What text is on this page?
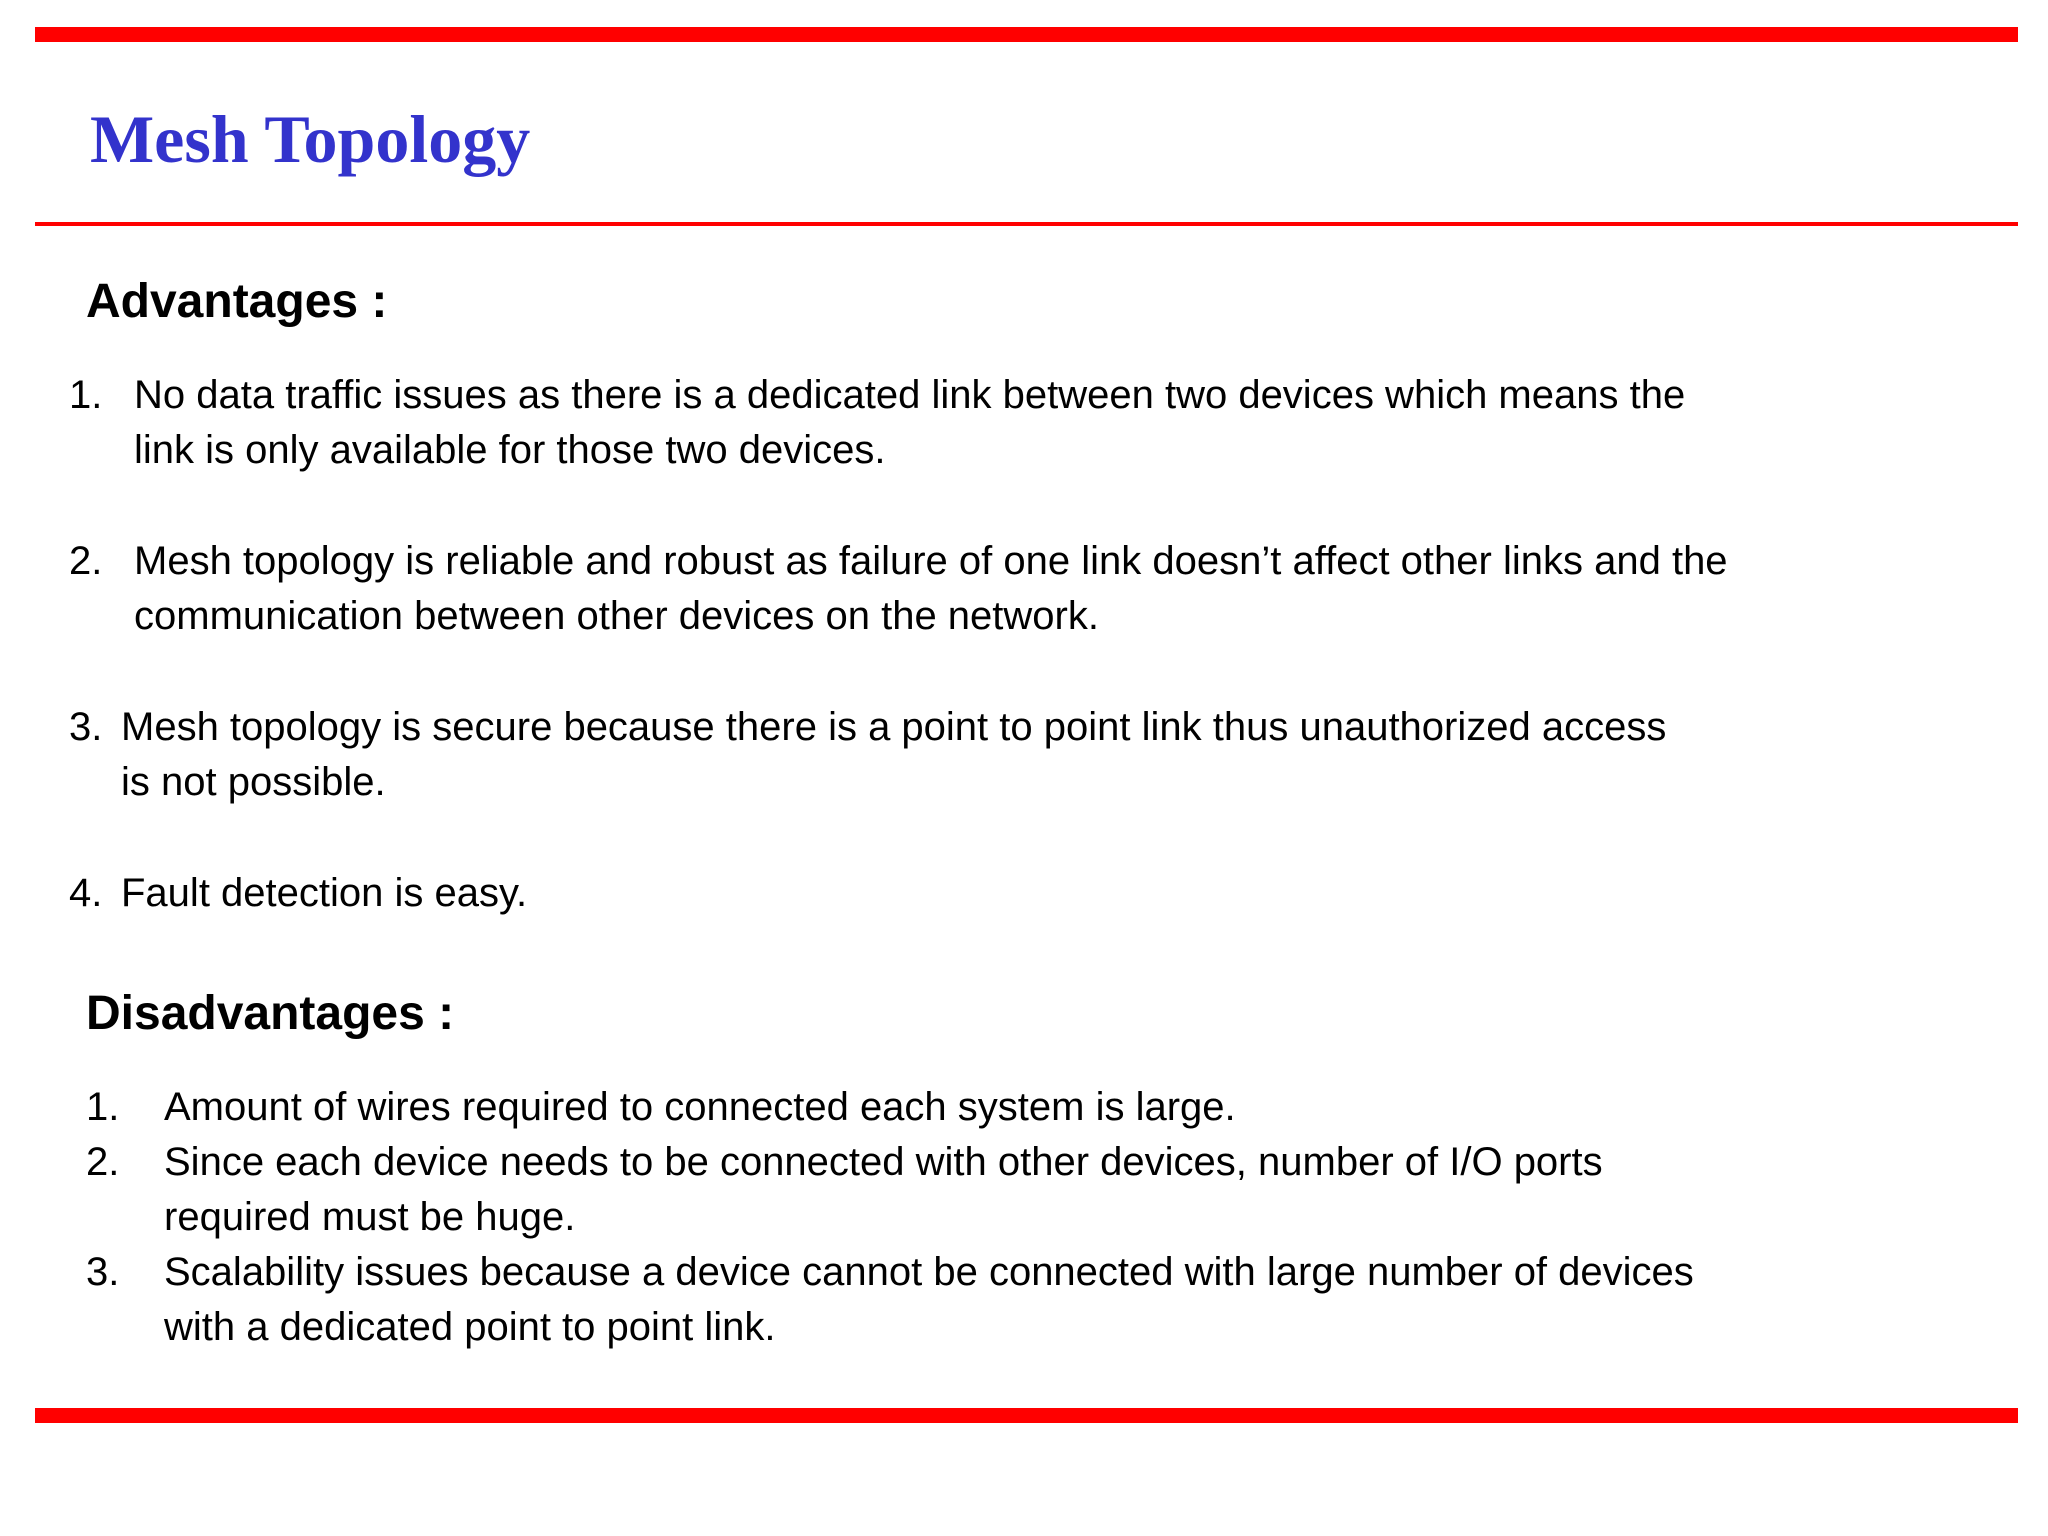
Mesh Topology
Advantages :
1. No data traffic issues as there is a dedicated link between two devices which means the
link is only available for those two devices.
2. Mesh topology is reliable and robust as failure of one link doesn’t affect other links and the
communication between other devices on the network.
3. Mesh topology is secure because there is a point to point link thus unauthorized access
is not possible.
4. Fault detection is easy.
Disadvantages :
1. Amount of wires required to connected each system is large.
2. Since each device needs to be connected with other devices, number of I/O ports
required must be huge.
3. Scalability issues because a device cannot be connected with large number of devices
with a dedicated point to point link.
